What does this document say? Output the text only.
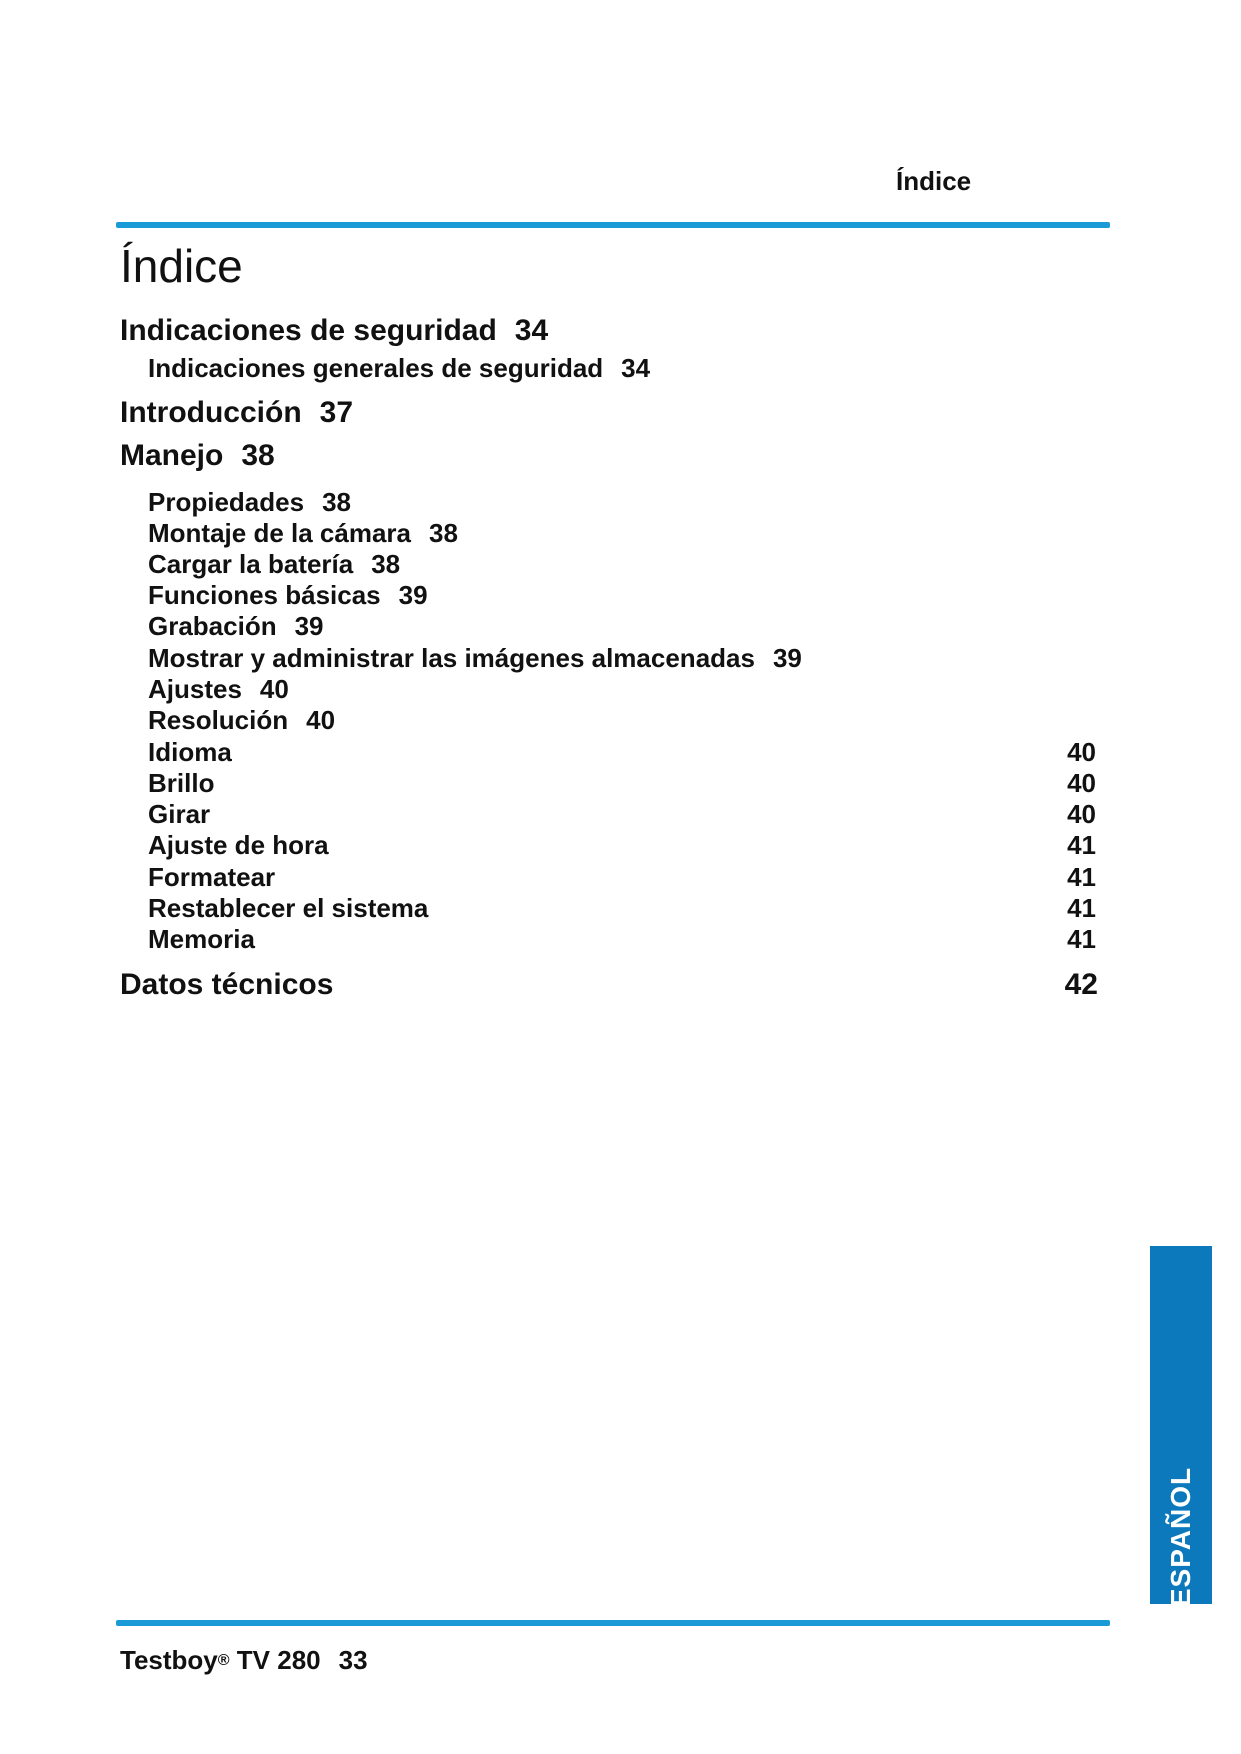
Índice
Índice
Indicaciones de seguridad 34
Indicaciones generales de seguridad 34
Introducción 37
Manejo 38
Propiedades 38
Montaje de la cámara 38
Cargar la batería 38
Funciones básicas 39
Grabación 39
Mostrar y administrar las imágenes almacenadas 39
Ajustes 40
Resolución 40
Idioma	40
Brillo	40
Girar	40
Ajuste de hora	41
Formatear	41
Restablecer el sistema	41
Memoria	41
Datos técnicos	42
ESPAÑOL
Testboy® TV 280 33
